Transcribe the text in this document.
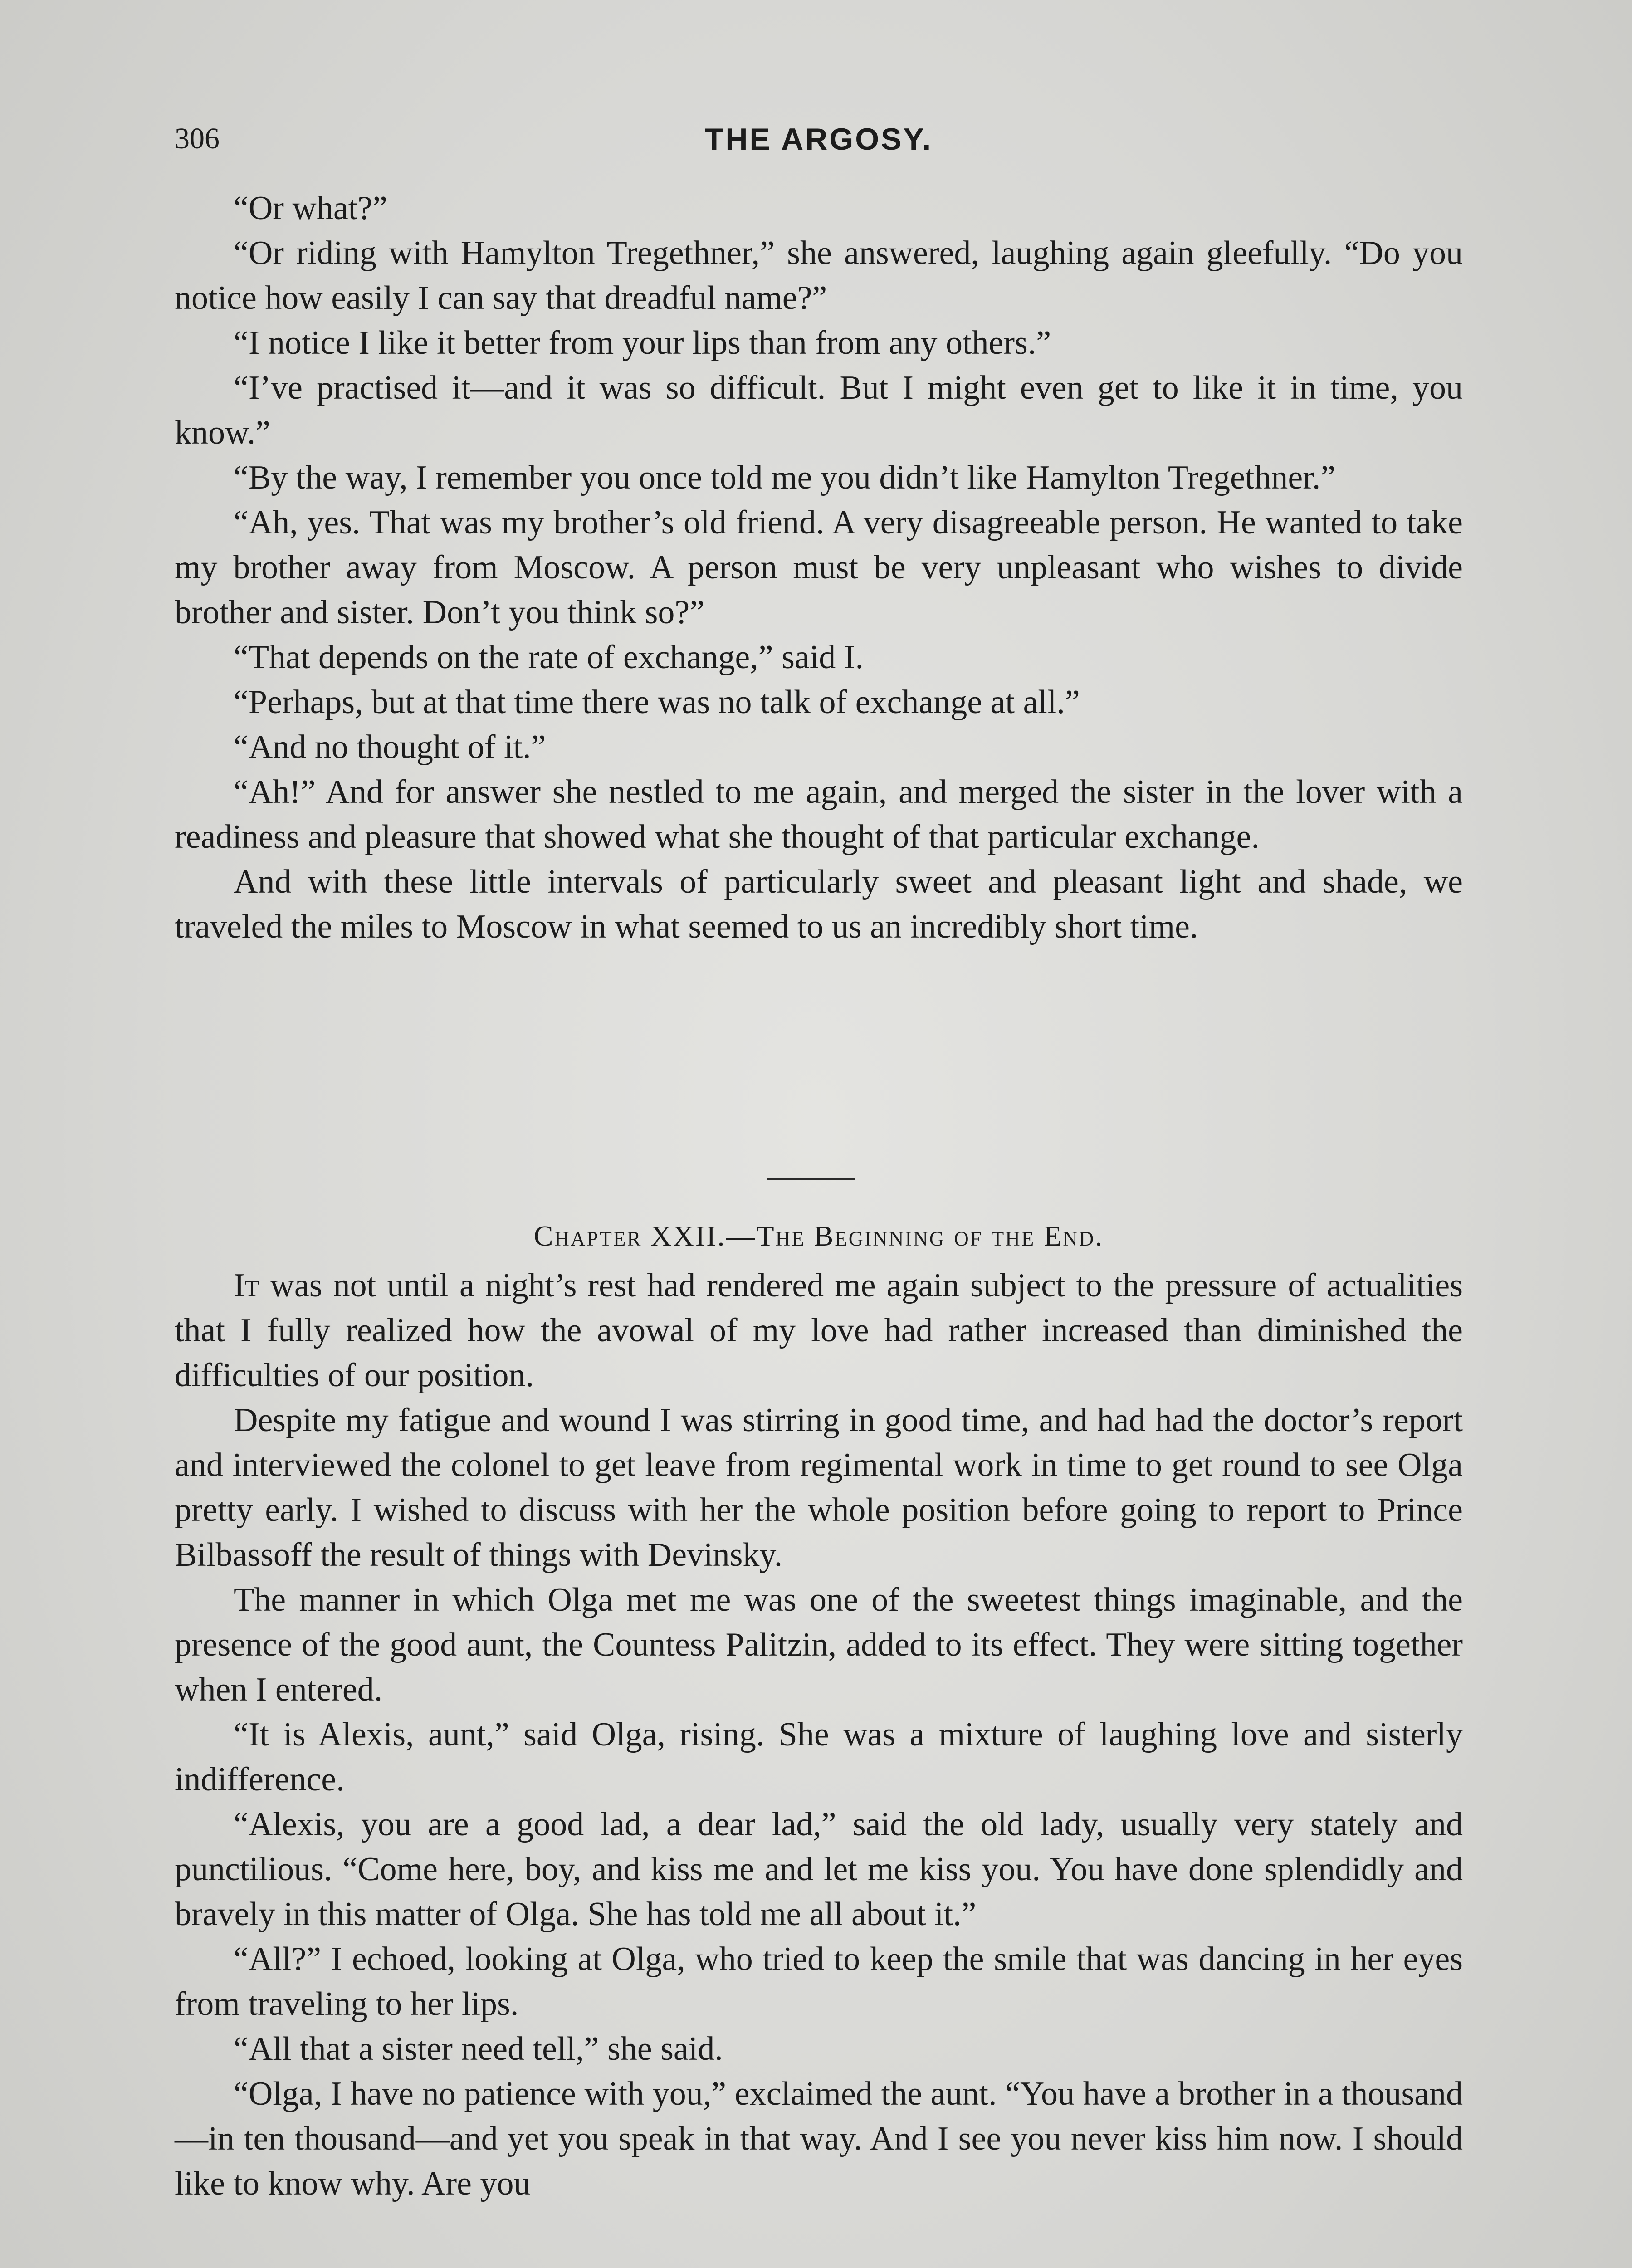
306	THE ARGOSY.

“Or what?”

“Or riding with Hamylton Tregethner,” she answered, laughing again gleefully. “Do you notice how easily I can say that dreadful name?”

“I notice I like it better from your lips than from any others.”

“I’ve practised it—and it was so difficult. But I might even get to like it in time, you know.”

“By the way, I remember you once told me you didn’t like Hamylton Tregethner.”

“Ah, yes. That was my brother’s old friend. A very disagreeable person. He wanted to take my brother away from Moscow. A person must be very unpleasant who wishes to divide brother and sister. Don’t you think so?”

“That depends on the rate of exchange,” said I.

“Perhaps, but at that time there was no talk of exchange at all.”

“And no thought of it.”

“Ah!” And for answer she nestled to me again, and merged the sister in the lover with a readiness and pleasure that showed what she thought of that particular exchange.

And with these little intervals of particularly sweet and pleasant light and shade, we traveled the miles to Moscow in what seemed to us an incredibly short time.

Chapter XXII.—The Beginning of the End.

It was not until a night’s rest had rendered me again subject to the pressure of actualities that I fully realized how the avowal of my love had rather increased than diminished the difficulties of our position.

Despite my fatigue and wound I was stirring in good time, and had had the doctor’s report and interviewed the colonel to get leave from regimental work in time to get round to see Olga pretty early. I wished to discuss with her the whole position before going to report to Prince Bilbassoff the result of things with Devinsky.

The manner in which Olga met me was one of the sweetest things imaginable, and the presence of the good aunt, the Countess Palitzin, added to its effect. They were sitting together when I entered.

“It is Alexis, aunt,” said Olga, rising. She was a mixture of laughing love and sisterly indifference.

“Alexis, you are a good lad, a dear lad,” said the old lady, usually very stately and punctilious. “Come here, boy, and kiss me and let me kiss you. You have done splendidly and bravely in this matter of Olga. She has told me all about it.”

“All?” I echoed, looking at Olga, who tried to keep the smile that was dancing in her eyes from traveling to her lips.

“All that a sister need tell,” she said.

“Olga, I have no patience with you,” exclaimed the aunt. “You have a brother in a thousand—in ten thousand—and yet you speak in that way. And I see you never kiss him now. I should like to know why. Are you
